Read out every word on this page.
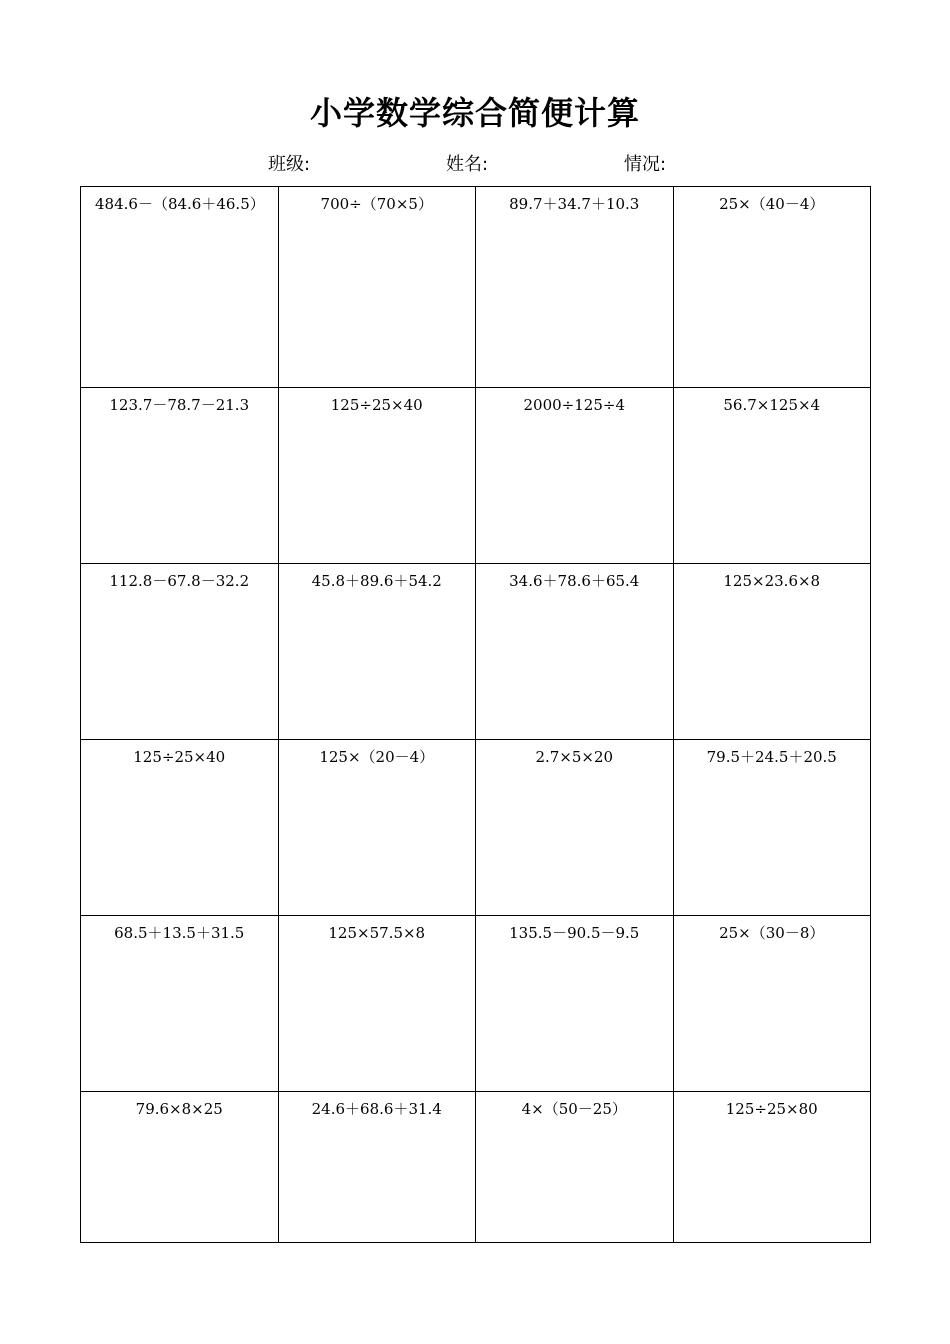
小学数学综合简便计算
班级:	姓名:	情况:
484.6－（84.6＋46.5）	700÷（70×5）	89.7＋34.7＋10.3	25×（40－4）
123.7－78.7－21.3	125÷25×40	2000÷125÷4	56.7×125×4
112.8－67.8－32.2	45.8＋89.6＋54.2	34.6＋78.6＋65.4	125×23.6×8
125÷25×40	125×（20－4）	2.7×5×20	79.5＋24.5＋20.5
68.5＋13.5＋31.5	125×57.5×8	135.5－90.5－9.5	25×（30－8）
79.6×8×25	24.6＋68.6＋31.4	4×（50－25）	125÷25×80
